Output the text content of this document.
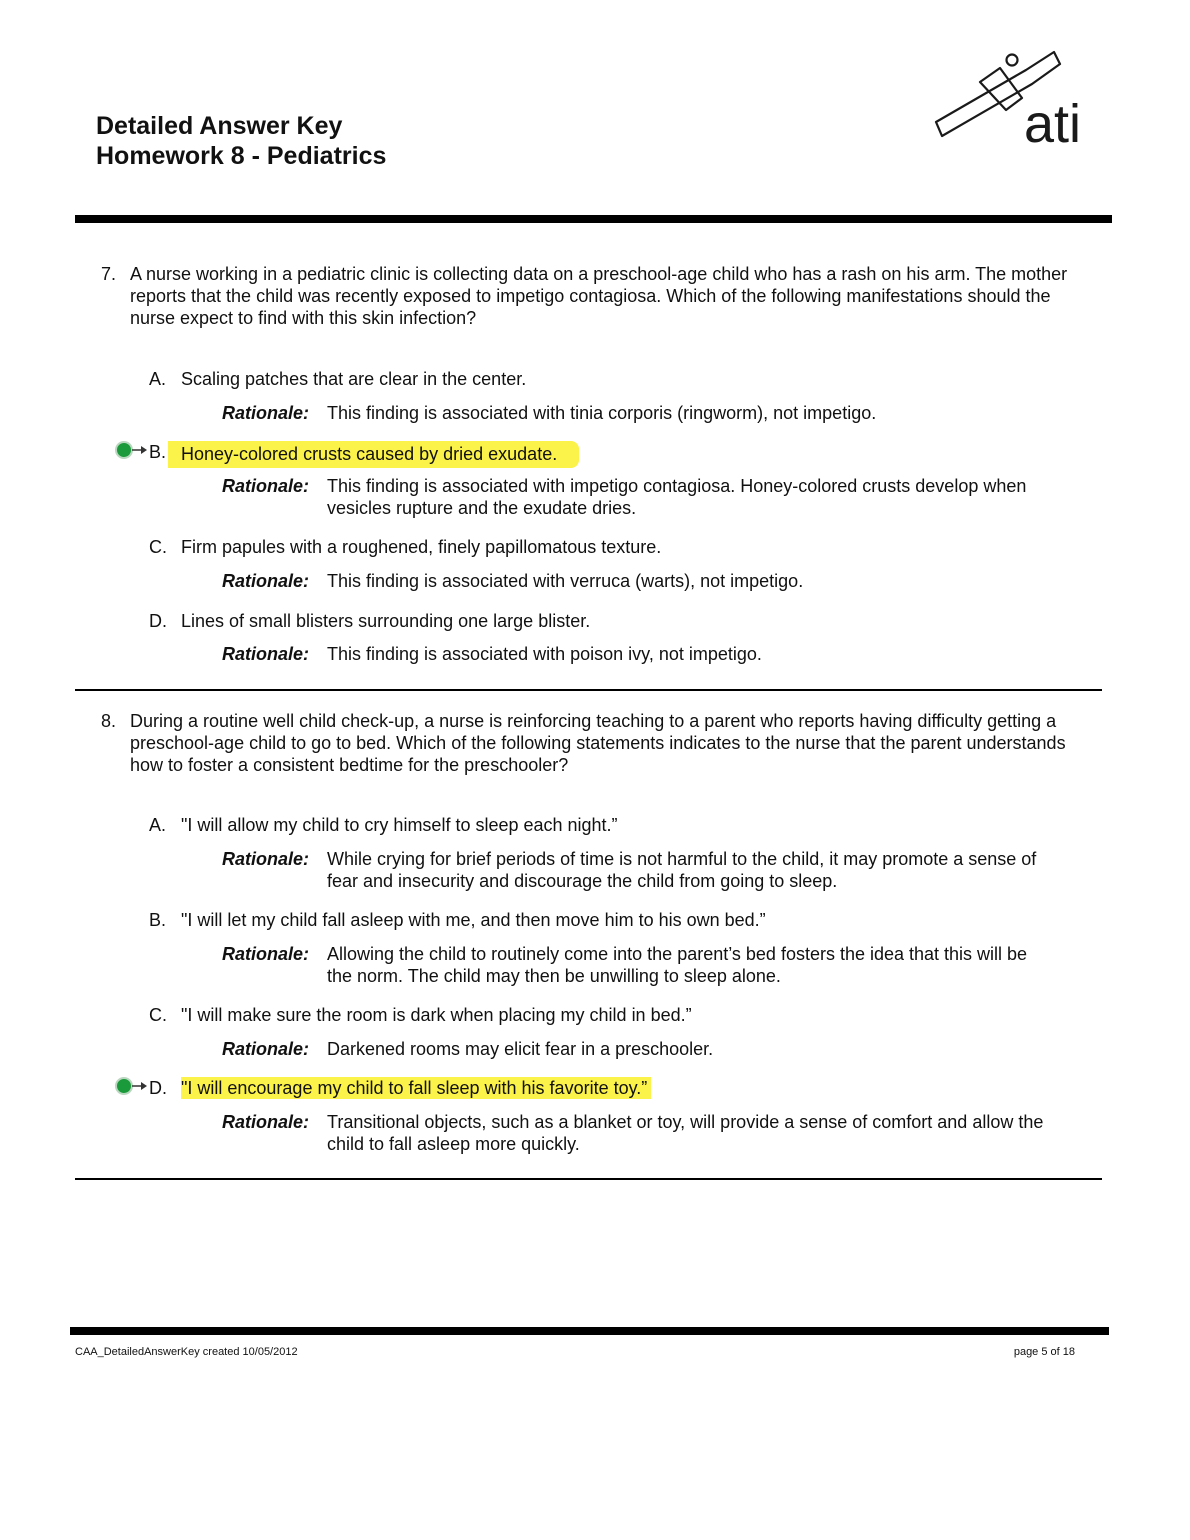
Detailed Answer Key
Homework 8 - Pediatrics
ati
7. A nurse working in a pediatric clinic is collecting data on a preschool-age child who has a rash on his arm. The mother reports that the child was recently exposed to impetigo contagiosa. Which of the following manifestations should the nurse expect to find with this skin infection?
A. Scaling patches that are clear in the center.
Rationale: This finding is associated with tinia corporis (ringworm), not impetigo.
B. Honey-colored crusts caused by dried exudate.
Rationale: This finding is associated with impetigo contagiosa. Honey-colored crusts develop when vesicles rupture and the exudate dries.
C. Firm papules with a roughened, finely papillomatous texture.
Rationale: This finding is associated with verruca (warts), not impetigo.
D. Lines of small blisters surrounding one large blister.
Rationale: This finding is associated with poison ivy, not impetigo.
8. During a routine well child check-up, a nurse is reinforcing teaching to a parent who reports having difficulty getting a preschool-age child to go to bed. Which of the following statements indicates to the nurse that the parent understands how to foster a consistent bedtime for the preschooler?
A. "I will allow my child to cry himself to sleep each night.”
Rationale: While crying for brief periods of time is not harmful to the child, it may promote a sense of fear and insecurity and discourage the child from going to sleep.
B. "I will let my child fall asleep with me, and then move him to his own bed.”
Rationale: Allowing the child to routinely come into the parent’s bed fosters the idea that this will be the norm. The child may then be unwilling to sleep alone.
C. "I will make sure the room is dark when placing my child in bed.”
Rationale: Darkened rooms may elicit fear in a preschooler.
D. "I will encourage my child to fall sleep with his favorite toy.”
Rationale: Transitional objects, such as a blanket or toy, will provide a sense of comfort and allow the child to fall asleep more quickly.
CAA_DetailedAnswerKey created 10/05/2012	page 5 of 18
